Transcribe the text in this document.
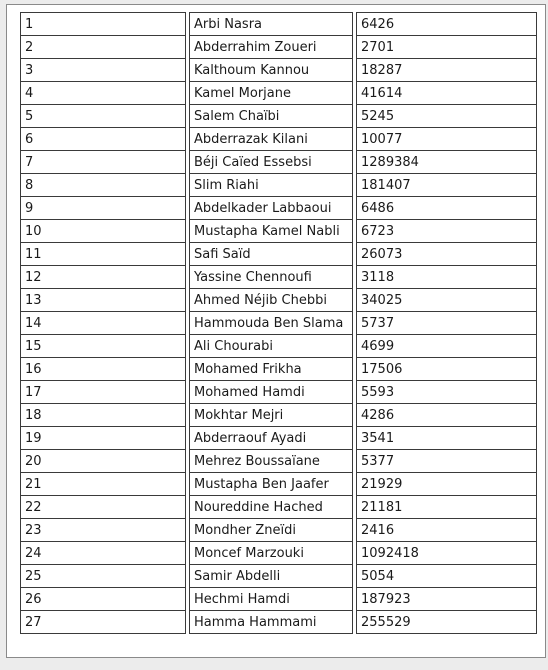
1	Arbi Nasra	6426
2	Abderrahim Zoueri	2701
3	Kalthoum Kannou	18287
4	Kamel Morjane	41614
5	Salem Chaïbi	5245
6	Abderrazak Kilani	10077
7	Béji Caïed Essebsi	1289384
8	Slim Riahi	181407
9	Abdelkader Labbaoui	6486
10	Mustapha Kamel Nabli	6723
11	Safi Saïd	26073
12	Yassine Chennoufi	3118
13	Ahmed Néjib Chebbi	34025
14	Hammouda Ben Slama	5737
15	Ali Chourabi	4699
16	Mohamed Frikha	17506
17	Mohamed Hamdi	5593
18	Mokhtar Mejri	4286
19	Abderraouf Ayadi	3541
20	Mehrez Boussaïane	5377
21	Mustapha Ben Jaafer	21929
22	Noureddine Hached	21181
23	Mondher Zneïdi	2416
24	Moncef Marzouki	1092418
25	Samir Abdelli	5054
26	Hechmi Hamdi	187923
27	Hamma Hammami	255529
